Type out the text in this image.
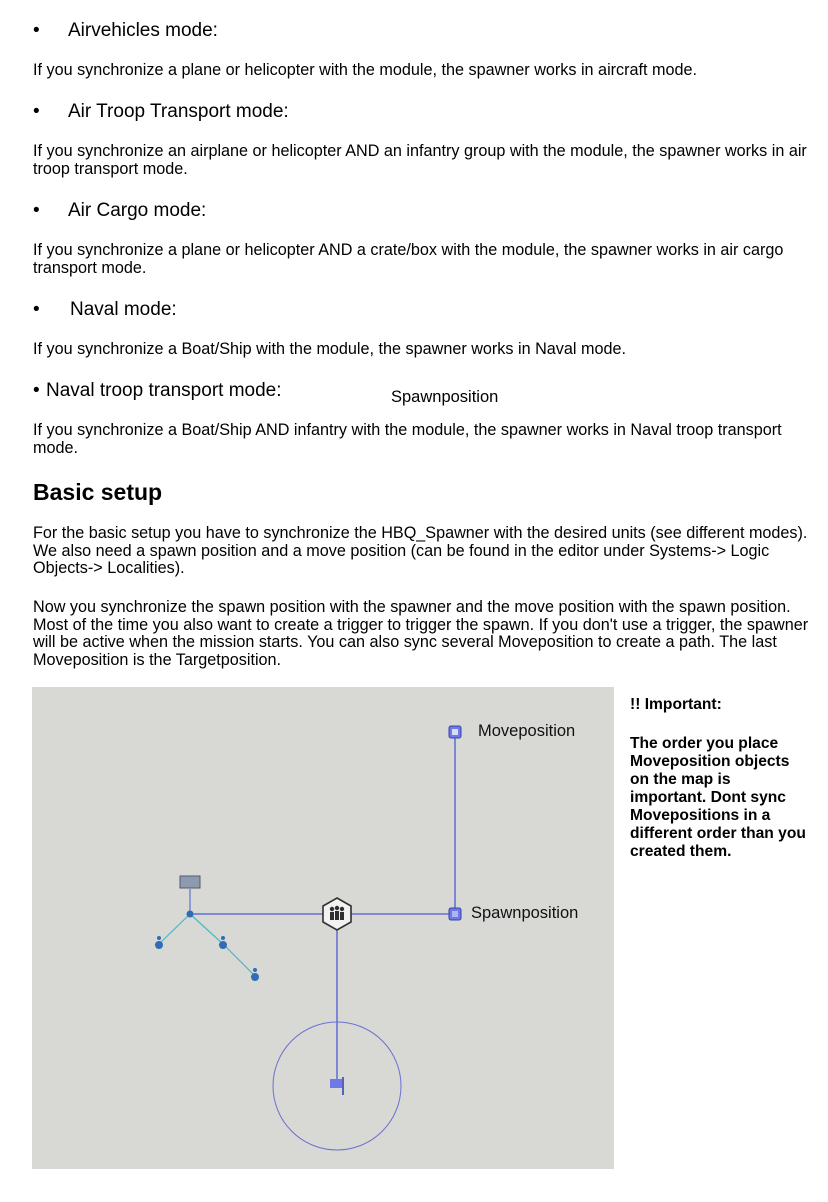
• Airvehicles mode:
If you synchronize a plane or helicopter with the module, the spawner works in aircraft mode.
• Air Troop Transport mode:
If you synchronize an airplane or helicopter AND an infantry group with the module, the spawner works in air troop transport mode.
• Air Cargo mode:
If you synchronize a plane or helicopter AND a crate/box with the module, the spawner works in air cargo transport mode.
• Naval mode:
If you synchronize a Boat/Ship with the module, the spawner works in Naval mode.
• Naval troop transport mode:	Spawnposition
If you synchronize a Boat/Ship AND infantry with the module, the spawner works in Naval troop transport mode.
Basic setup
For the basic setup you have to synchronize the HBQ_Spawner with the desired units (see different modes). We also need a spawn position and a move position (can be found in the editor under Systems-> Logic Objects-> Localities).
Now you synchronize the spawn position with the spawner and the move position with the spawn position. Most of the time you also want to create a trigger to trigger the spawn. If you don't use a trigger, the spawner will be active when the mission starts. You can also sync several Moveposition to create a path. The last Moveposition is the Targetposition.
Moveposition
Spawnposition
!! Important:
The order you place Moveposition objects on the map is important. Dont sync Movepositions in a different order than you created them.
